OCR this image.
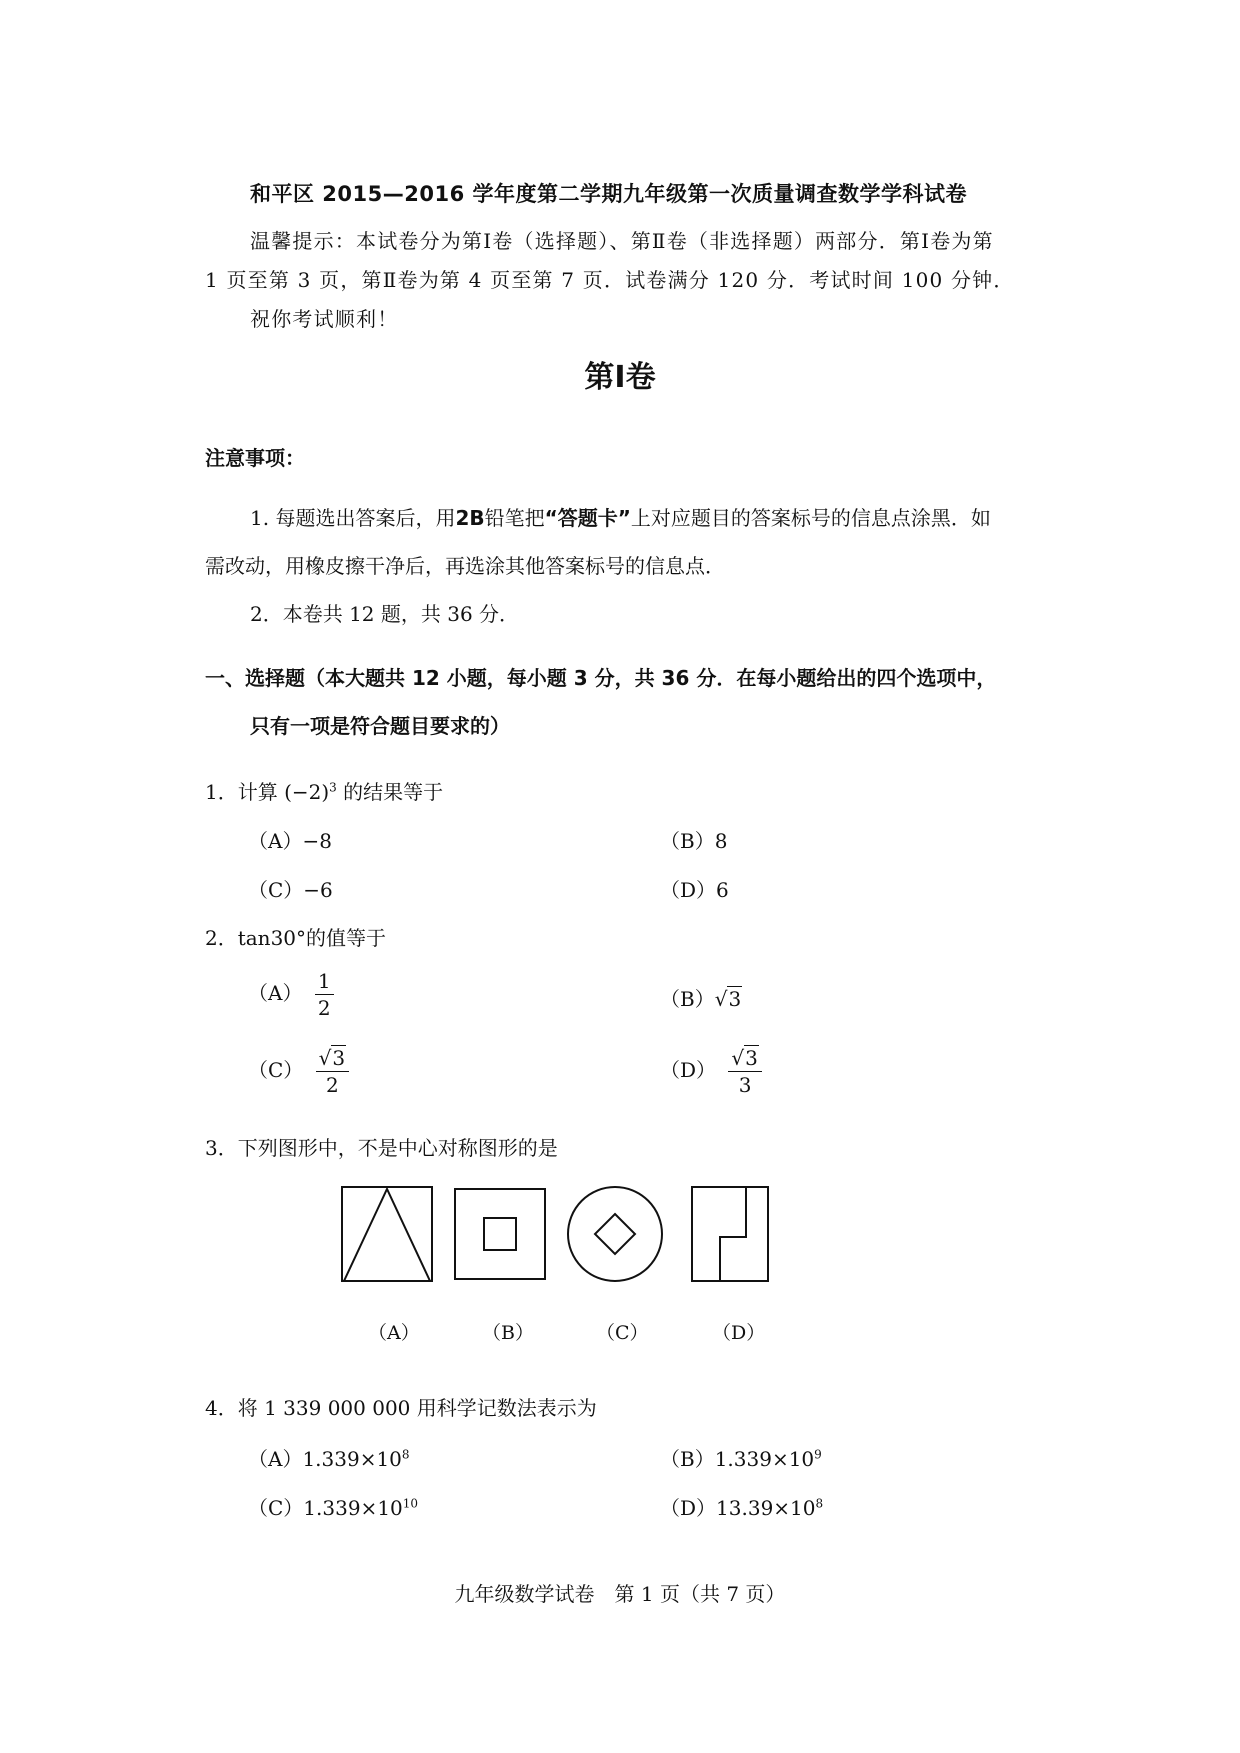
和平区 2015—2016 学年度第二学期九年级第一次质量调查数学学科试卷
温馨提示：本试卷分为第Ⅰ卷（选择题）、第Ⅱ卷（非选择题）两部分．第Ⅰ卷为第
1 页至第 3 页，第Ⅱ卷为第 4 页至第 7 页．试卷满分 120 分．考试时间 100 分钟．
祝你考试顺利！
第Ⅰ卷
注意事项：
1. 每题选出答案后，用2B铅笔把“答题卡”上对应题目的答案标号的信息点涂黑．如
需改动，用橡皮擦干净后，再选涂其他答案标号的信息点．
2．本卷共 12 题，共 36 分．
一、选择题（本大题共 12 小题，每小题 3 分，共 36 分．在每小题给出的四个选项中，
只有一项是符合题目要求的）
1．计算 $(-2)^3$ 的结果等于
（A）−8	（B）8
（C）−6	（D）6
2．tan30°的值等于
$(A) \frac{1}{2}$	（B）√3
$(C) \frac{√3}{2}$	$(D) \frac{√3}{3}$
3．下列图形中，不是中心对称图形的是
（A）	（B）	（C）	（D）
4．将 1 339 000 000 用科学记数法表示为
$(A)1.339\times 10^8$	$(B)1.339\times 10^9$
$(C)1.339\times 10^{10}$	$(D)13.39\times 10^8$
九年级数学试卷　第 1 页（共 7 页）
